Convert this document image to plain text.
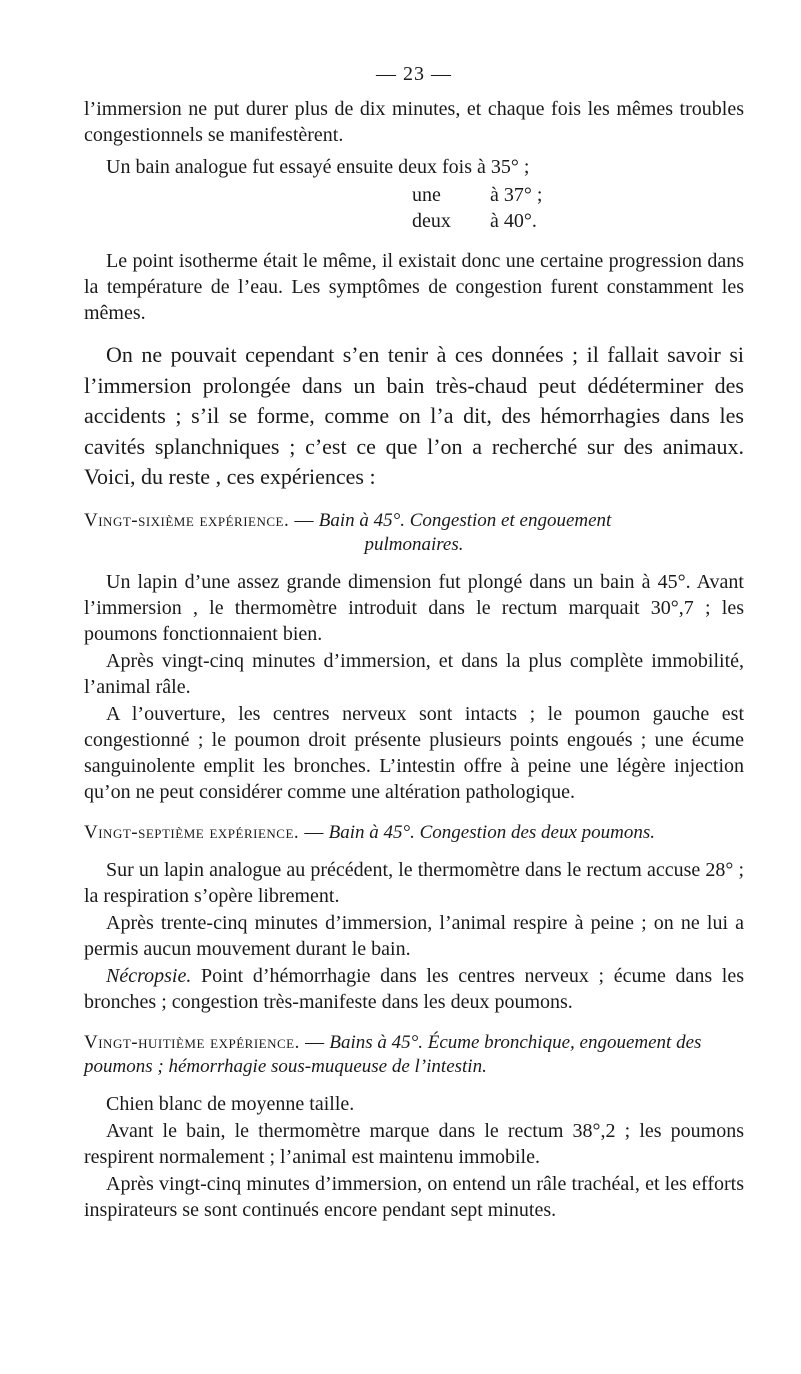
— 23 —

l’immersion ne put durer plus de dix minutes, et chaque fois les mêmes troubles congestionnels se manifestèrent.

Un bain analogue fut essayé ensuite deux fois à 35° ;

une	à 37° ;
deux	à 40°.

Le point isotherme était le même, il existait donc une certaine progression dans la température de l’eau. Les symptômes de congestion furent constamment les mêmes.

On ne pouvait cependant s’en tenir à ces données ; il fallait savoir si l’immersion prolongée dans un bain très-chaud peut dédéterminer des accidents ; s’il se forme, comme on l’a dit, des hémorrhagies dans les cavités splanchniques ; c’est ce que l’on a recherché sur des animaux. Voici, du reste , ces expériences :

Vingt-sixième expérience. — Bain à 45°. Congestion et engouement
pulmonaires.

Un lapin d’une assez grande dimension fut plongé dans un bain à 45°. Avant l’immersion , le thermomètre introduit dans le rectum marquait 30°,7 ; les poumons fonctionnaient bien.

Après vingt-cinq minutes d’immersion, et dans la plus complète immobilité, l’animal râle.

A l’ouverture, les centres nerveux sont intacts ; le poumon gauche est congestionné ; le poumon droit présente plusieurs points engoués ; une écume sanguinolente emplit les bronches. L’intestin offre à peine une légère injection qu’on ne peut considérer comme une altération pathologique.

Vingt-septième expérience. — Bain à 45°. Congestion des deux poumons.

Sur un lapin analogue au précédent, le thermomètre dans le rectum accuse 28° ; la respiration s’opère librement.

Après trente-cinq minutes d’immersion, l’animal respire à peine ; on ne lui a permis aucun mouvement durant le bain.

Nécropsie. Point d’hémorrhagie dans les centres nerveux ; écume dans les bronches ; congestion très-manifeste dans les deux poumons.

Vingt-huitième expérience. — Bains à 45°. Écume bronchique, engouement des poumons ; hémorrhagie sous-muqueuse de l’intestin.

Chien blanc de moyenne taille.

Avant le bain, le thermomètre marque dans le rectum 38°,2 ; les poumons respirent normalement ; l’animal est maintenu immobile.

Après vingt-cinq minutes d’immersion, on entend un râle trachéal, et les efforts inspirateurs se sont continués encore pendant sept minutes.
